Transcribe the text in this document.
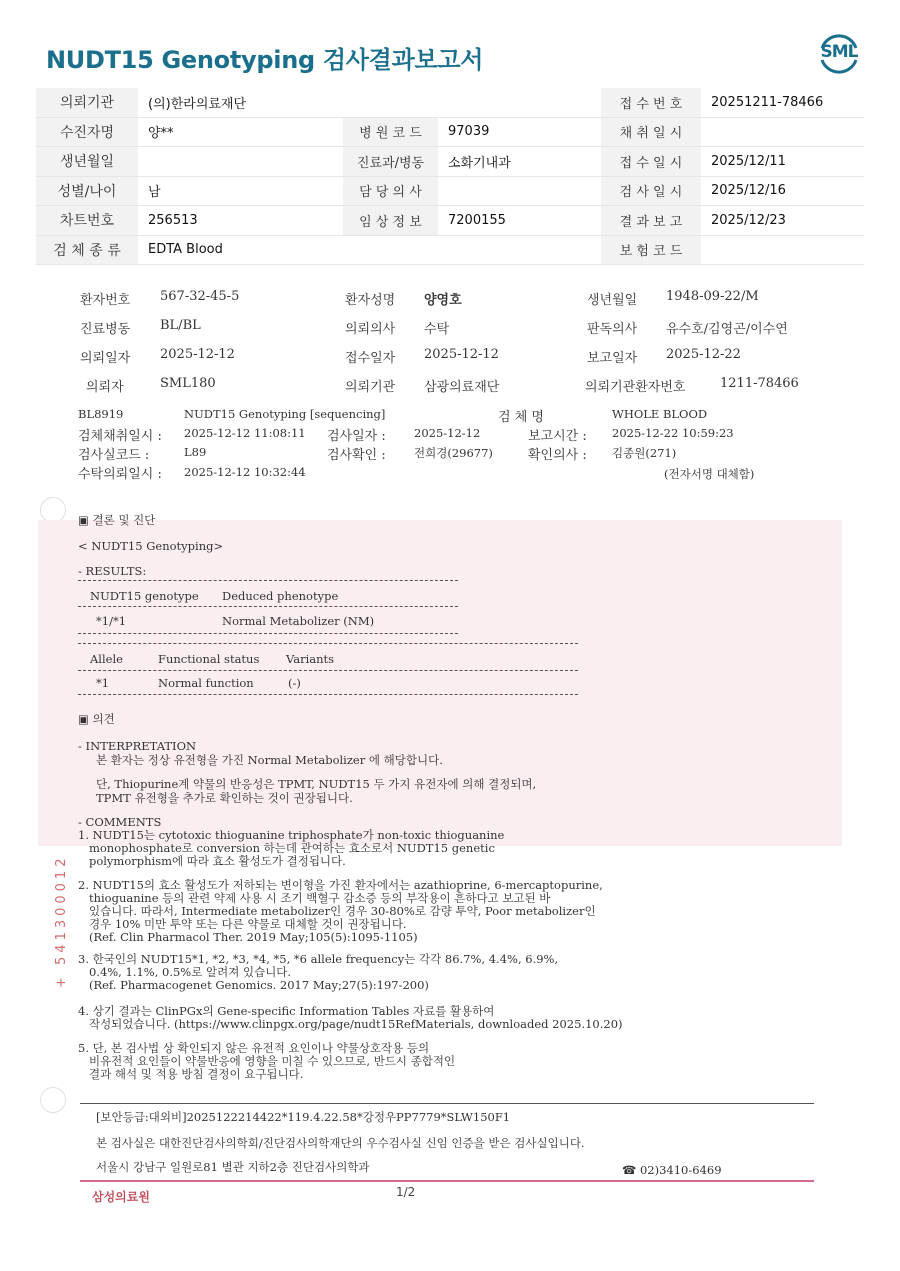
NUDT15 Genotyping 검사결과보고서	SML
의뢰기관	(의)한라의료재단			접 수 번 호	20251211-78466
수진자명	양**	병 원 코 드	97039	채 취 일 시	
생년월일		진료과/병동	소화기내과	접 수 일 시	2025/12/11
성별/나이	남	담 당 의 사		검 사 일 시	2025/12/16
차트번호	256513	임 상 정 보	7200155	결 과 보 고	2025/12/23
검 체 종 류	EDTA Blood			보 험 코 드	
환자번호 567-32-45-5	환자성명 양영호	생년월일 1948-09-22/M
진료병동 BL/BL	의뢰의사 수탁	판독의사 유수호/김영곤/이수연
의뢰일자 2025-12-12	접수일자 2025-12-12	보고일자 2025-12-22
의뢰자	SML180	의뢰기관 삼광의료재단	의뢰기관환자번호	1211-78466
BL8919	NUDT15 Genotyping [sequencing]	검 체 명	WHOLE BLOOD
검체채취일시 : 2025-12-12 11:08:11 검사일자 : 2025-12-12	보고시간 : 2025-12-22 10:59:23
검사실코드 :	L89	검사확인 : 전희경(29677)	확인의사 : 김종원(271)
수탁의뢰일시 : 2025-12-12 10:32:44	(전자서명 대체함)
▣ 결론 및 진단
< NUDT15 Genotyping>
- RESULTS:
NUDT15 genotype Deduced phenotype
*1/*1	Normal Metabolizer (NM)
Allele	Functional status Variants
*1	Normal function	(-)
▣ 의견
- INTERPRETATION
본 환자는 정상 유전형을 가진 Normal Metabolizer 에 해당합니다.
단, Thiopurine계 약물의 반응성은 TPMT, NUDT15 두 가지 유전자에 의해 결정되며,
TPMT 유전형을 추가로 확인하는 것이 권장됩니다.
- COMMENTS
1. NUDT15는 cytotoxic thioguanine triphosphate가 non-toxic thioguanine
monophosphate로 conversion 하는데 관여하는 효소로서 NUDT15 genetic
polymorphism에 따라 효소 활성도가 결정됩니다.
2. NUDT15의 효소 활성도가 저하되는 변이형을 가진 환자에서는 azathioprine, 6-mercaptopurine,
thioguanine 등의 관련 약제 사용 시 조기 백혈구 감소증 등의 부작용이 흔하다고 보고된 바
있습니다. 따라서, Intermediate metabolizer인 경우 30-80%로 감량 투약, Poor metabolizer인
경우 10% 미만 투약 또는 다른 약물로 대체할 것이 권장됩니다.
(Ref. Clin Pharmacol Ther. 2019 May;105(5):1095-1105)
3. 한국인의 NUDT15*1, *2, *3, *4, *5, *6 allele frequency는 각각 86.7%, 4.4%, 6.9%,
0.4%, 1.1%, 0.5%로 알려져 있습니다.
(Ref. Pharmacogenet Genomics. 2017 May;27(5):197-200)
4. 상기 결과는 ClinPGx의 Gene-specific Information Tables 자료를 활용하여
작성되었습니다. (https://www.clinpgx.org/page/nudt15RefMaterials, downloaded 2025.10.20)
5. 단, 본 검사법 상 확인되지 않은 유전적 요인이나 약물상호작용 등의
비유전적 요인들이 약물반응에 영향을 미칠 수 있으므로, 반드시 종합적인
결과 해석 및 적용 방침 결정이 요구됩니다.
+ 541300012
[보안등급:대외비]2025122214422*119.4.22.58*강정우PP7779*SLW150F1
본 검사실은 대한진단검사의학회/진단검사의학재단의 우수검사실 신임 인증을 받은 검사실입니다.
서울시 강남구 일원로81 별관 지하2층 진단검사의학과	☎ 02)3410-6469
삼성의료원	1/2
